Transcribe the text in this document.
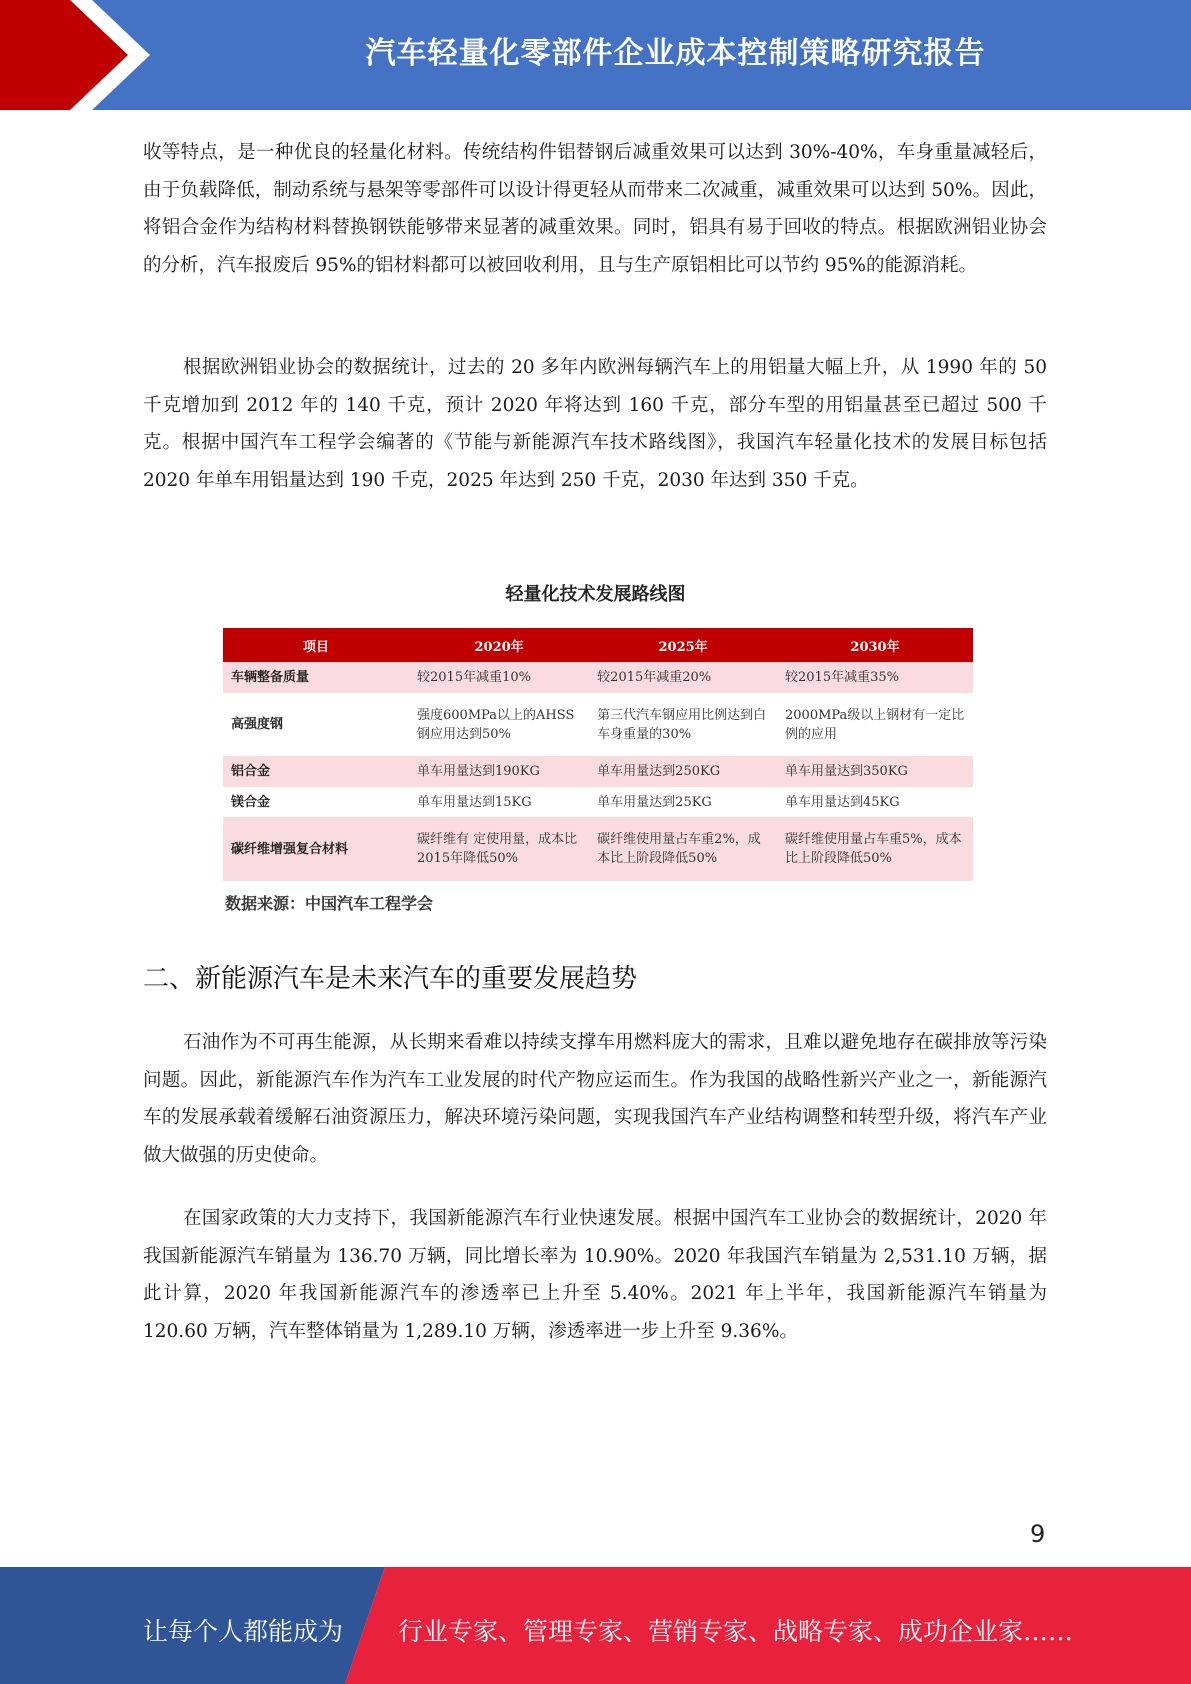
汽车轻量化零部件企业成本控制策略研究报告

收等特点，是一种优良的轻量化材料。传统结构件铝替钢后减重效果可以达到 30%-40%，车身重量减轻后，由于负载降低，制动系统与悬架等零部件可以设计得更轻从而带来二次减重，减重效果可以达到 50%。因此，将铝合金作为结构材料替换钢铁能够带来显著的减重效果。同时，铝具有易于回收的特点。根据欧洲铝业协会的分析，汽车报废后 95%的铝材料都可以被回收利用，且与生产原铝相比可以节约 95%的能源消耗。

根据欧洲铝业协会的数据统计，过去的 20 多年内欧洲每辆汽车上的用铝量大幅上升，从 1990 年的 50 千克增加到 2012 年的 140 千克，预计 2020 年将达到 160 千克，部分车型的用铝量甚至已超过 500 千克。根据中国汽车工程学会编著的《节能与新能源汽车技术路线图》，我国汽车轻量化技术的发展目标包括 2020 年单车用铝量达到 190 千克，2025 年达到 250 千克，2030 年达到 350 千克。

轻量化技术发展路线图
项目	2020年	2025年	2030年
车辆整备质量	较2015年减重10%	较2015年减重20%	较2015年减重35%
高强度钢	强度600MPa以上的AHSS钢应用达到50%	第三代汽车钢应用比例达到白车身重量的30%	2000MPa级以上钢材有一定比例的应用
铝合金	单车用量达到190KG	单车用量达到250KG	单车用量达到350KG
镁合金	单车用量达到15KG	单车用量达到25KG	单车用量达到45KG
碳纤维增强复合材料	碳纤维有 定使用量，成本比2015年降低50%	碳纤维使用量占车重2%，成本比上阶段降低50%	碳纤维使用量占车重5%，成本比上阶段降低50%
数据来源：中国汽车工程学会
二、新能源汽车是未来汽车的重要发展趋势

石油作为不可再生能源，从长期来看难以持续支撑车用燃料庞大的需求，且难以避免地存在碳排放等污染问题。因此，新能源汽车作为汽车工业发展的时代产物应运而生。作为我国的战略性新兴产业之一，新能源汽车的发展承载着缓解石油资源压力，解决环境污染问题，实现我国汽车产业结构调整和转型升级，将汽车产业做大做强的历史使命。

在国家政策的大力支持下，我国新能源汽车行业快速发展。根据中国汽车工业协会的数据统计，2020 年我国新能源汽车销量为 136.70 万辆，同比增长率为 10.90%。2020 年我国汽车销量为 2,531.10 万辆，据此计算，2020 年我国新能源汽车的渗透率已上升至 5.40%。2021 年上半年，我国新能源汽车销量为 120.60 万辆，汽车整体销量为 1,289.10 万辆，渗透率进一步上升至 9.36%。

9
让每个人都能成为 行业专家、管理专家、营销专家、战略专家、成功企业家……
